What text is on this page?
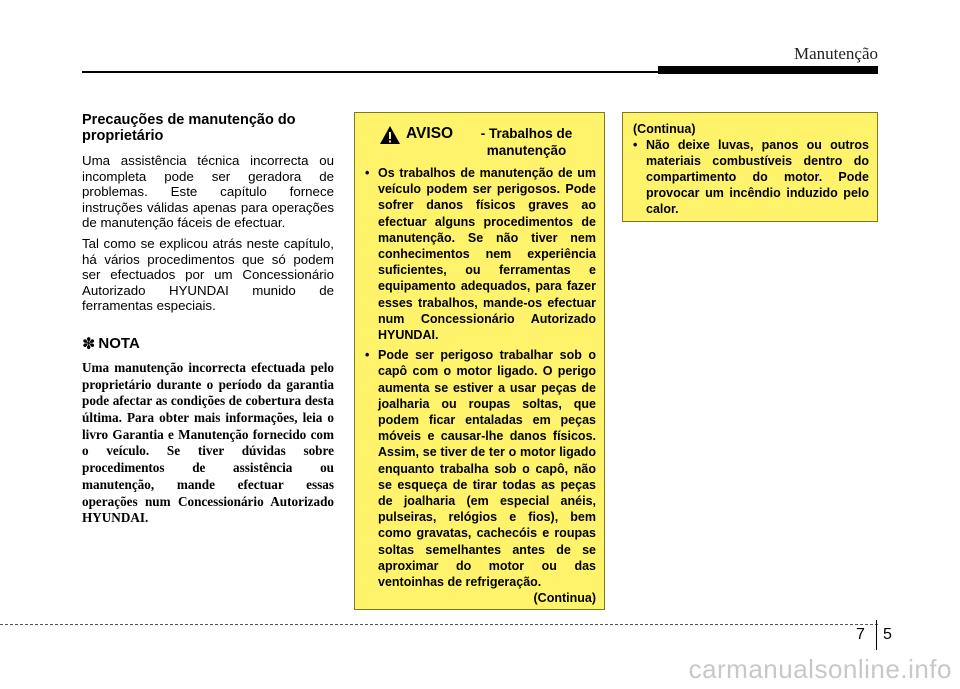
Manutenção
Precauções de manutenção do proprietário

Uma assistência técnica incorrecta ou incompleta pode ser geradora de problemas. Este capítulo fornece instruções válidas apenas para operações de manutenção fáceis de efectuar.

Tal como se explicou atrás neste capítulo, há vários procedimentos que só podem ser efectuados por um Concessionário Autorizado HYUNDAI munido de ferramentas especiais.

✽ NOTA

Uma manutenção incorrecta efectuada pelo proprietário durante o período da garantia pode afectar as condições de cobertura desta última. Para obter mais informações, leia o livro Garantia e Manutenção fornecido com o veículo. Se tiver dúvidas sobre procedimentos de assistência ou manutenção, mande efectuar essas operações num Concessionário Autorizado HYUNDAI.

AVISO	- Trabalhos de manutenção
• Os trabalhos de manutenção de um veículo podem ser perigosos. Pode sofrer danos físicos graves ao efectuar alguns procedimentos de manutenção. Se não tiver nem conhecimentos nem experiência suficientes, ou ferramentas e equipamento adequados, para fazer esses trabalhos, mande-os efectuar num Concessionário Autorizado HYUNDAI.
• Pode ser perigoso trabalhar sob o capô com o motor ligado. O perigo aumenta se estiver a usar peças de joalharia ou roupas soltas, que podem ficar entaladas em peças móveis e causar-lhe danos físicos. Assim, se tiver de ter o motor ligado enquanto trabalha sob o capô, não se esqueça de tirar todas as peças de joalharia (em especial anéis, pulseiras, relógios e fios), bem como gravatas, cachecóis e roupas soltas semelhantes antes de se aproximar do motor ou das ventoinhas de refrigeração.
(Continua)
(Continua)
• Não deixe luvas, panos ou outros materiais combustíveis dentro do compartimento do motor. Pode provocar um incêndio induzido pelo calor.
7 5
carmanualsonline.info
